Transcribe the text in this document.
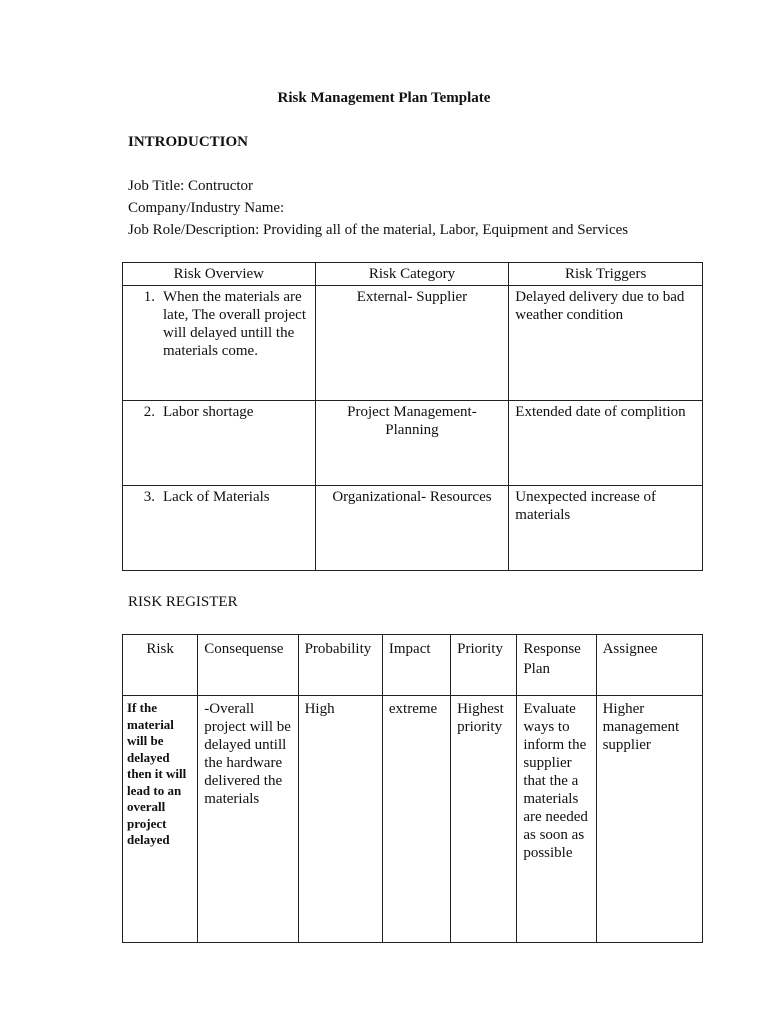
Risk Management Plan Template
INTRODUCTION
Job Title: Contructor
Company/Industry Name:
Job Role/Description: Providing all of the material, Labor, Equipment and Services
Risk Overview	Risk Category	Risk Triggers

1. When the materials are late, The overall project will delayed untill the materials come.	External- Supplier	Delayed delivery due to bad weather condition

2. Labor shortage	Project Management- Planning	Extended date of complition

3. Lack of Materials	Organizational- Resources	Unexpected increase of materials
RISK REGISTER
Risk	Consequense	Probability	Impact	Priority	Response Plan	Assignee
If the material will be delayed then it will lead to an overall project delayed	-Overall project will be delayed untill the hardware delivered the materials	High	extreme	Highest priority	Evaluate ways to inform the supplier that the a materials are needed as soon as possible	Higher management supplier
